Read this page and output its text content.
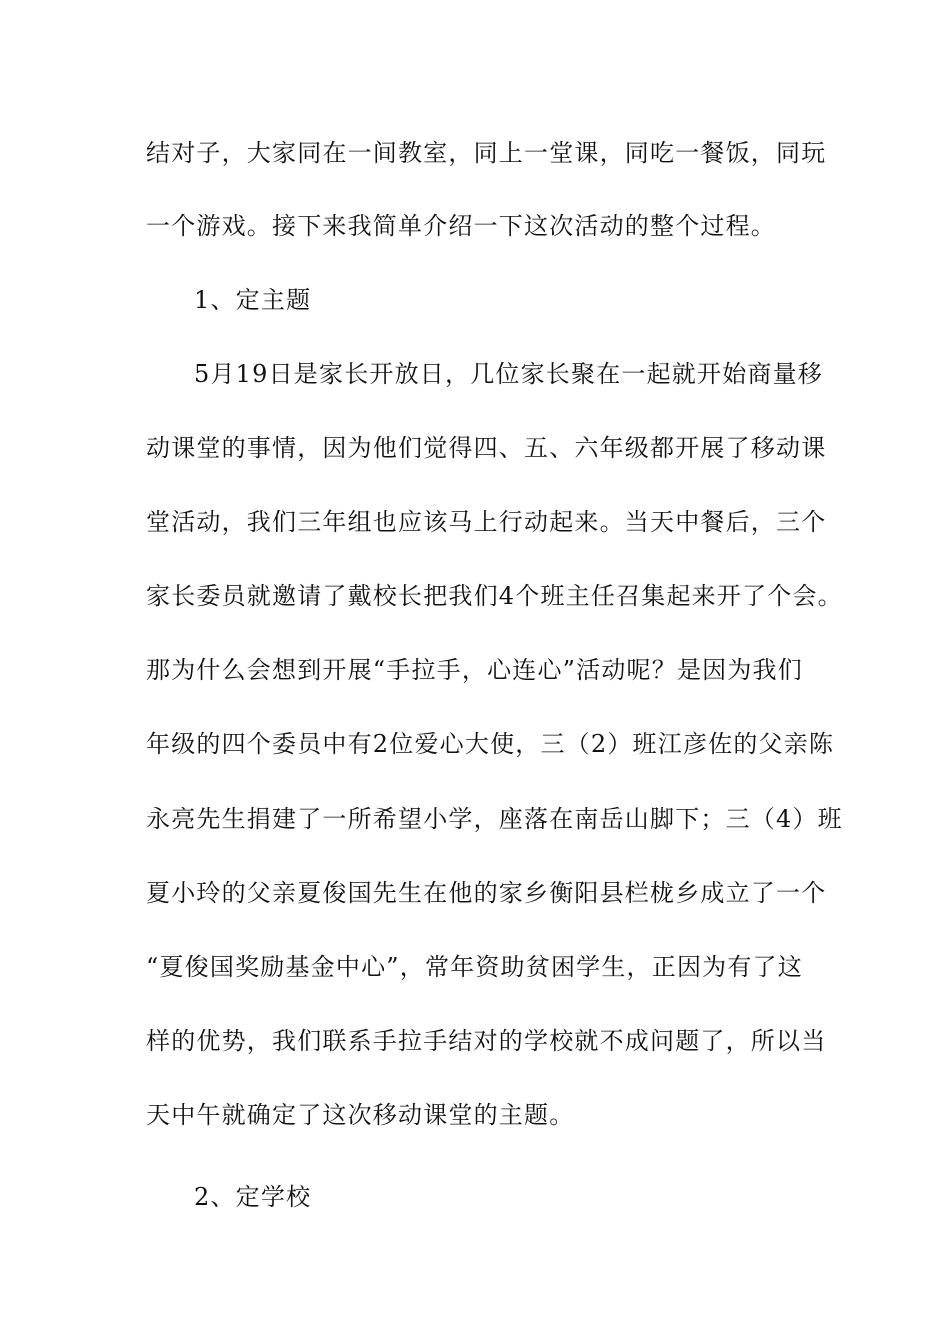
结对子，大家同在一间教室，同上一堂课，同吃一餐饭，同玩
一个游戏。接下来我简单介绍一下这次活动的整个过程。
1、定主题
5月19日是家长开放日，几位家长聚在一起就开始商量移
动课堂的事情，因为他们觉得四、五、六年级都开展了移动课
堂活动，我们三年组也应该马上行动起来。当天中餐后，三个
家长委员就邀请了戴校长把我们4个班主任召集起来开了个会。
那为什么会想到开展“手拉手，心连心”活动呢？是因为我们
年级的四个委员中有2位爱心大使，三（2）班江彦佐的父亲陈
永亮先生捐建了一所希望小学，座落在南岳山脚下；三（4）班
夏小玲的父亲夏俊国先生在他的家乡衡阳县栏栊乡成立了一个
“夏俊国奖励基金中心”，常年资助贫困学生，正因为有了这
样的优势，我们联系手拉手结对的学校就不成问题了，所以当
天中午就确定了这次移动课堂的主题。
2、定学校
